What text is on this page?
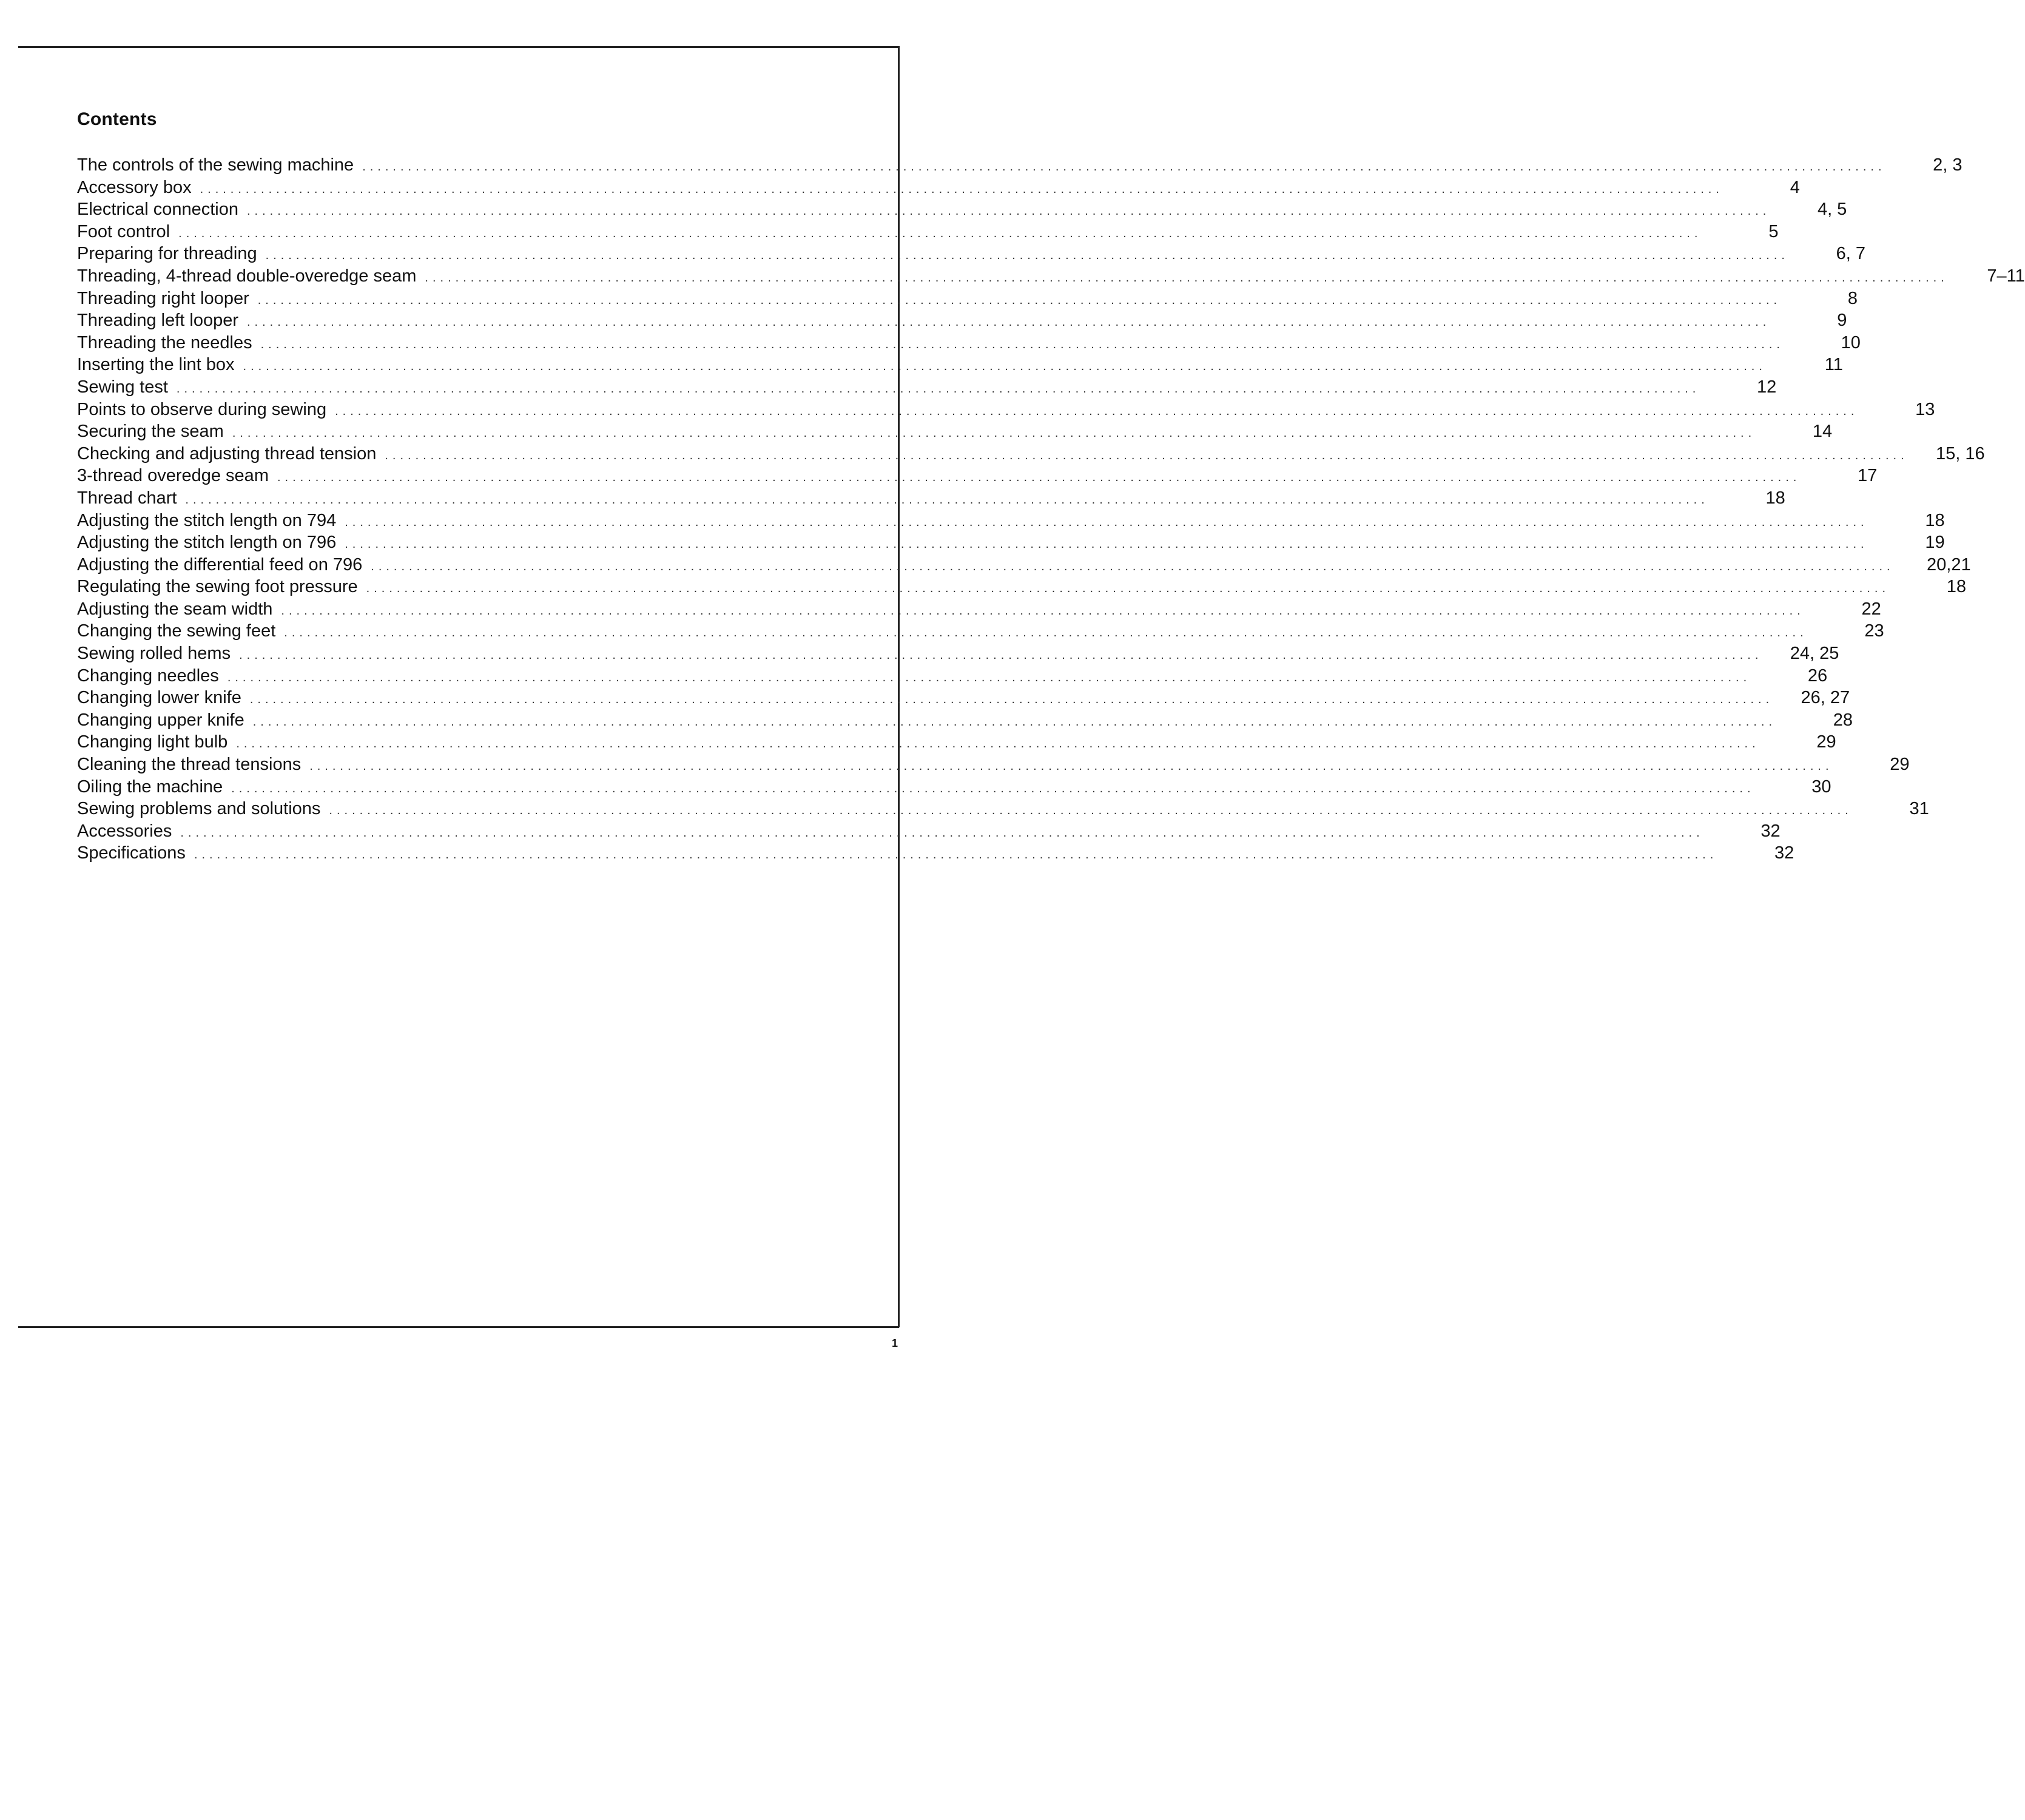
Contents
The controls of the sewing machine ........................................................................................................................................................................................................	2, 3
Accessory box ........................................................................................................................................................................................................	4
Electrical connection ........................................................................................................................................................................................................	4, 5
Foot control ........................................................................................................................................................................................................	5
Preparing for threading ........................................................................................................................................................................................................	6, 7
Threading, 4-thread double-overedge seam ........................................................................................................................................................................................................	7–11
Threading right looper ........................................................................................................................................................................................................	8
Threading left looper ........................................................................................................................................................................................................	9
Threading the needles ........................................................................................................................................................................................................	10
Inserting the lint box ........................................................................................................................................................................................................	11
Sewing test ........................................................................................................................................................................................................	12
Points to observe during sewing ........................................................................................................................................................................................................	13
Securing the seam ........................................................................................................................................................................................................	14
Checking and adjusting thread tension ........................................................................................................................................................................................................	15, 16
3-thread overedge seam ........................................................................................................................................................................................................	17
Thread chart ........................................................................................................................................................................................................	18
Adjusting the stitch length on 794 ........................................................................................................................................................................................................	18
Adjusting the stitch length on 796 ........................................................................................................................................................................................................	19
Adjusting the differential feed on 796 ........................................................................................................................................................................................................	20,21
Regulating the sewing foot pressure ........................................................................................................................................................................................................	18
Adjusting the seam width ........................................................................................................................................................................................................	22
Changing the sewing feet ........................................................................................................................................................................................................	23
Sewing rolled hems ........................................................................................................................................................................................................	24, 25
Changing needles ........................................................................................................................................................................................................	26
Changing lower knife ........................................................................................................................................................................................................	26, 27
Changing upper knife ........................................................................................................................................................................................................	28
Changing light bulb ........................................................................................................................................................................................................	29
Cleaning the thread tensions ........................................................................................................................................................................................................	29
Oiling the machine ........................................................................................................................................................................................................	30
Sewing problems and solutions ........................................................................................................................................................................................................	31
Accessories ........................................................................................................................................................................................................	32
Specifications ........................................................................................................................................................................................................	32
1
